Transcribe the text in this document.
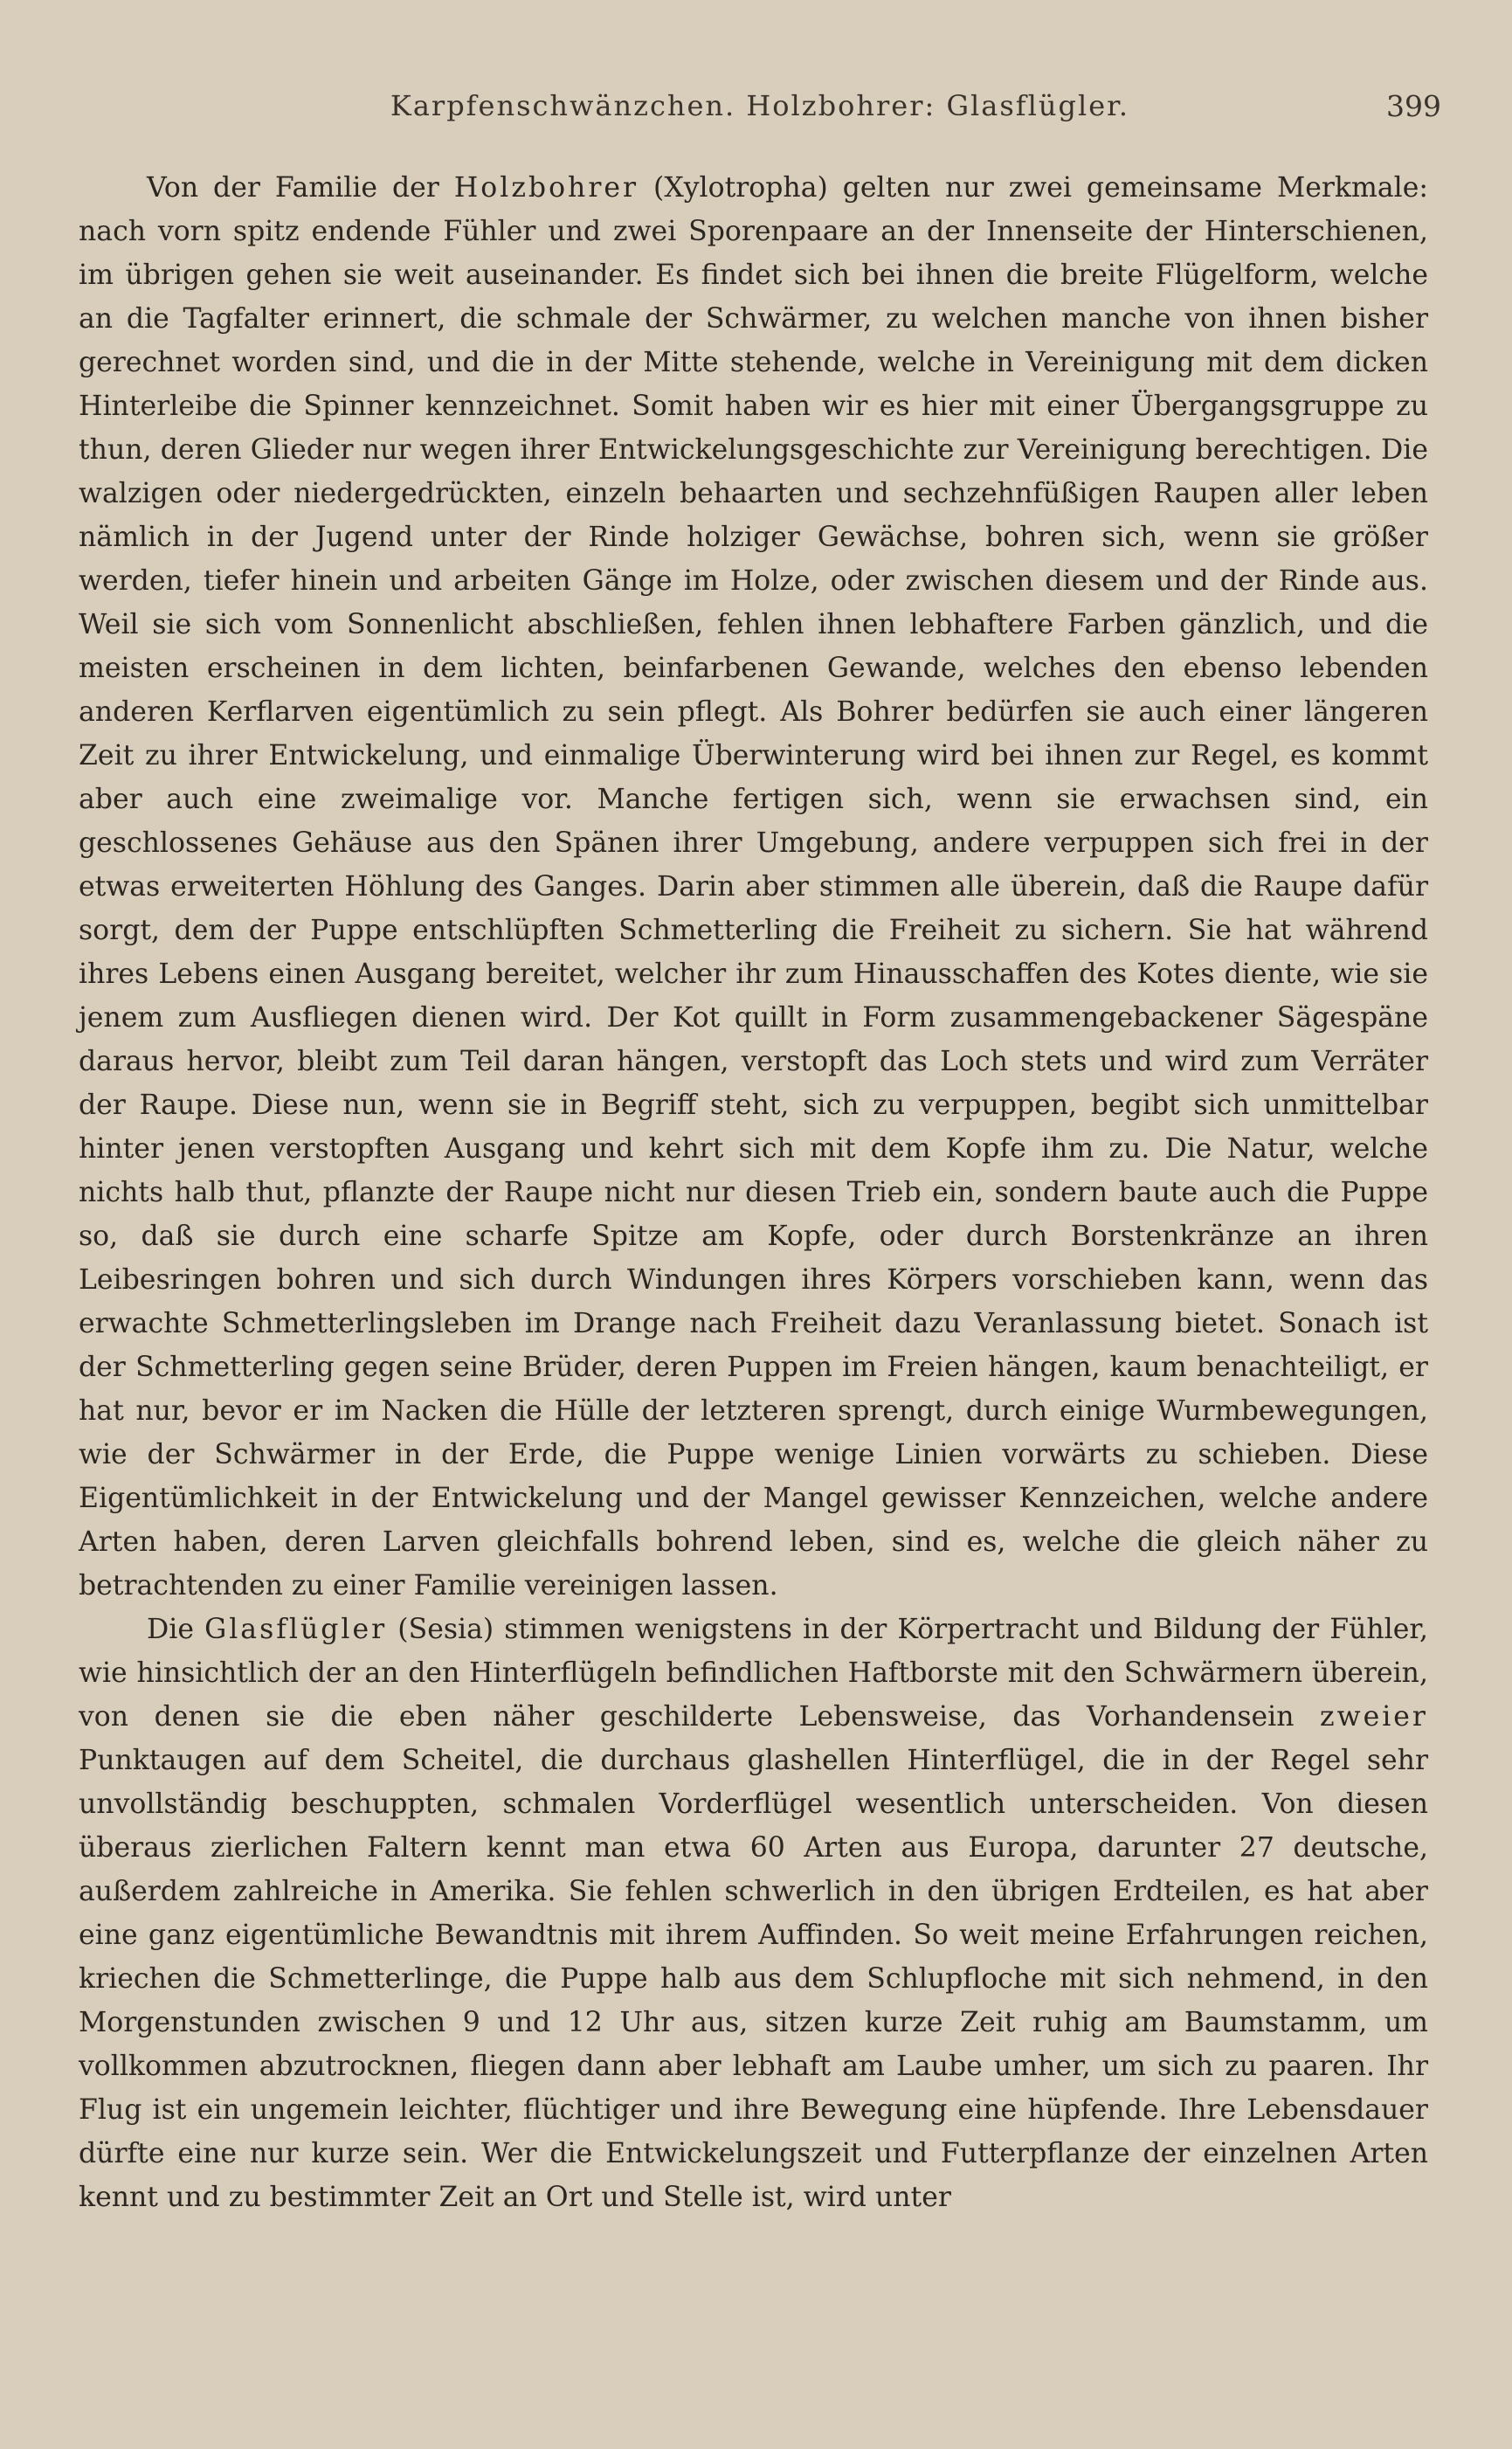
Karpfenschwänzchen. Holzbohrer: Glasflügler.	399

Von der Familie der Holzbohrer (Xylotropha) gelten nur zwei gemeinsame Merkmale: nach vorn spitz endende Fühler und zwei Sporenpaare an der Innenseite der Hinterschienen, im übrigen gehen sie weit auseinander. Es findet sich bei ihnen die breite Flügelform, welche an die Tagfalter erinnert, die schmale der Schwärmer, zu welchen manche von ihnen bisher gerechnet worden sind, und die in der Mitte stehende, welche in Vereinigung mit dem dicken Hinterleibe die Spinner kennzeichnet. Somit haben wir es hier mit einer Übergangsgruppe zu thun, deren Glieder nur wegen ihrer Entwickelungsgeschichte zur Vereinigung berechtigen. Die walzigen oder niedergedrückten, einzeln behaarten und sechzehnfüßigen Raupen aller leben nämlich in der Jugend unter der Rinde holziger Gewächse, bohren sich, wenn sie größer werden, tiefer hinein und arbeiten Gänge im Holze, oder zwischen diesem und der Rinde aus. Weil sie sich vom Sonnenlicht abschließen, fehlen ihnen lebhaftere Farben gänzlich, und die meisten erscheinen in dem lichten, beinfarbenen Gewande, welches den ebenso lebenden anderen Kerflarven eigentümlich zu sein pflegt. Als Bohrer bedürfen sie auch einer längeren Zeit zu ihrer Entwickelung, und einmalige Überwinterung wird bei ihnen zur Regel, es kommt aber auch eine zweimalige vor. Manche fertigen sich, wenn sie erwachsen sind, ein geschlossenes Gehäuse aus den Spänen ihrer Umgebung, andere verpuppen sich frei in der etwas erweiterten Höhlung des Ganges. Darin aber stimmen alle überein, daß die Raupe dafür sorgt, dem der Puppe entschlüpften Schmetterling die Freiheit zu sichern. Sie hat während ihres Lebens einen Ausgang bereitet, welcher ihr zum Hinausschaffen des Kotes diente, wie sie jenem zum Ausfliegen dienen wird. Der Kot quillt in Form zusammengebackener Sägespäne daraus hervor, bleibt zum Teil daran hängen, verstopft das Loch stets und wird zum Verräter der Raupe. Diese nun, wenn sie in Begriff steht, sich zu verpuppen, begibt sich unmittelbar hinter jenen verstopften Ausgang und kehrt sich mit dem Kopfe ihm zu. Die Natur, welche nichts halb thut, pflanzte der Raupe nicht nur diesen Trieb ein, sondern baute auch die Puppe so, daß sie durch eine scharfe Spitze am Kopfe, oder durch Borstenkränze an ihren Leibesringen bohren und sich durch Windungen ihres Körpers vorschieben kann, wenn das erwachte Schmetterlingsleben im Drange nach Freiheit dazu Veranlassung bietet. Sonach ist der Schmetterling gegen seine Brüder, deren Puppen im Freien hängen, kaum benachteiligt, er hat nur, bevor er im Nacken die Hülle der letzteren sprengt, durch einige Wurmbewegungen, wie der Schwärmer in der Erde, die Puppe wenige Linien vorwärts zu schieben. Diese Eigentümlichkeit in der Entwickelung und der Mangel gewisser Kennzeichen, welche andere Arten haben, deren Larven gleichfalls bohrend leben, sind es, welche die gleich näher zu betrachtenden zu einer Familie vereinigen lassen.

Die Glasflügler (Sesia) stimmen wenigstens in der Körpertracht und Bildung der Fühler, wie hinsichtlich der an den Hinterflügeln befindlichen Haftborste mit den Schwärmern überein, von denen sie die eben näher geschilderte Lebensweise, das Vorhandensein zweier Punktaugen auf dem Scheitel, die durchaus glashellen Hinterflügel, die in der Regel sehr unvollständig beschuppten, schmalen Vorderflügel wesentlich unterscheiden. Von diesen überaus zierlichen Faltern kennt man etwa 60 Arten aus Europa, darunter 27 deutsche, außerdem zahlreiche in Amerika. Sie fehlen schwerlich in den übrigen Erdteilen, es hat aber eine ganz eigentümliche Bewandtnis mit ihrem Auffinden. So weit meine Erfahrungen reichen, kriechen die Schmetterlinge, die Puppe halb aus dem Schlupfloche mit sich nehmend, in den Morgenstunden zwischen 9 und 12 Uhr aus, sitzen kurze Zeit ruhig am Baumstamm, um vollkommen abzutrocknen, fliegen dann aber lebhaft am Laube umher, um sich zu paaren. Ihr Flug ist ein ungemein leichter, flüchtiger und ihre Bewegung eine hüpfende. Ihre Lebensdauer dürfte eine nur kurze sein. Wer die Entwickelungszeit und Futterpflanze der einzelnen Arten kennt und zu bestimmter Zeit an Ort und Stelle ist, wird unter
